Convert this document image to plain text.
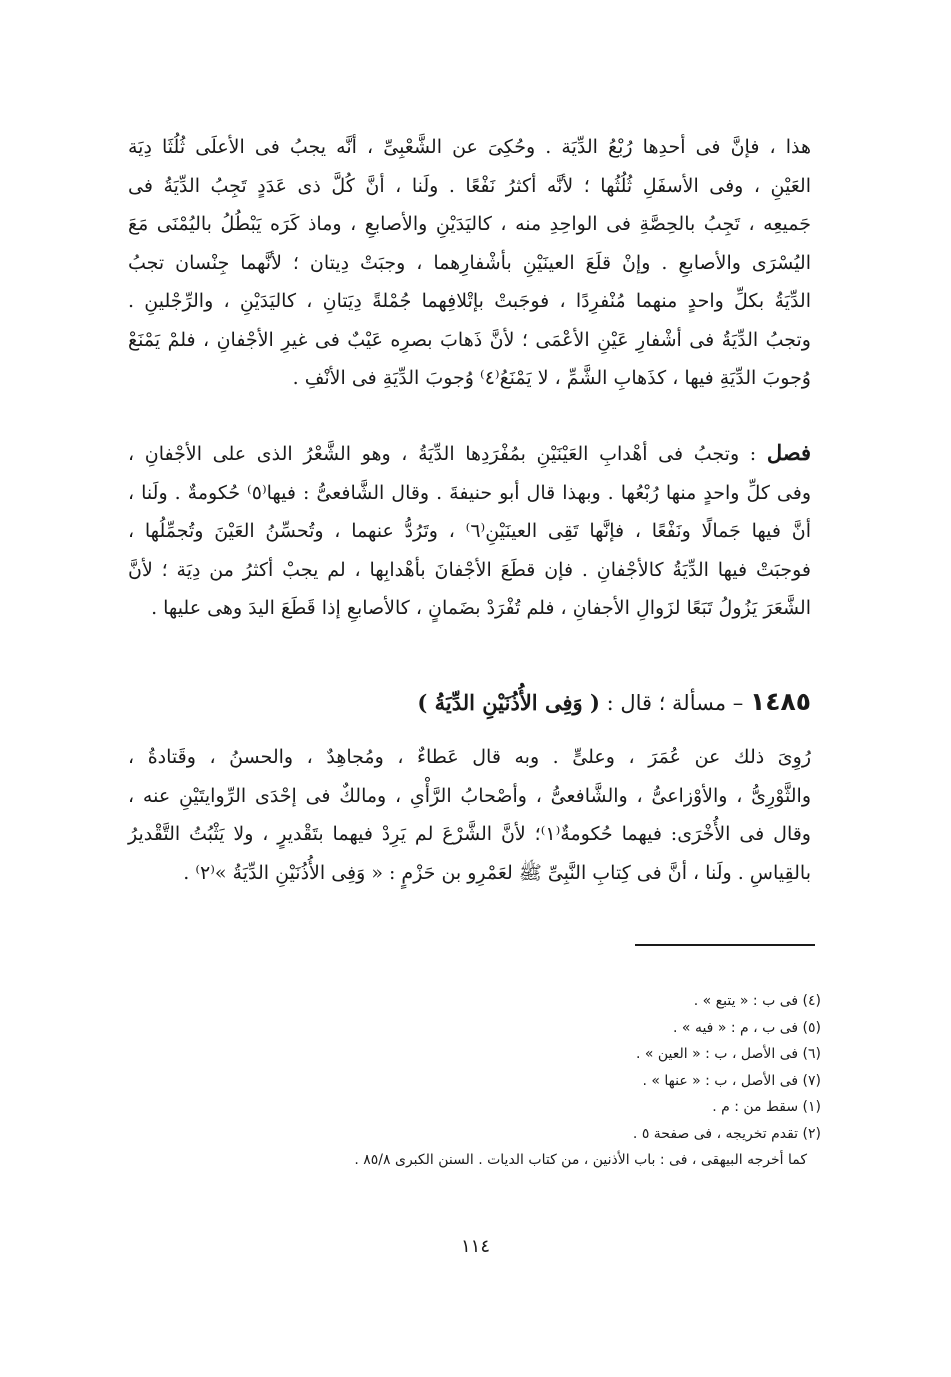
هذا ، فإنَّ فى أحدِها رُبْعُ الدِّيَة . وحُكِىَ عن الشَّعْبِىِّ ، أنَّه يجبُ فى الأعلَى ثُلُثَا دِيَة
العَيْنِ ، وفى الأسفَلِ ثُلُثُها ؛ لأنَّه أكثرُ نَفْعًا . ولَنا ، أنَّ كُلَّ ذى عَدَدٍ تَجِبُ الدِّيَةُ فى
جَميعِه ، تَجِبُ بالحِصَّةِ فى الواحِدِ منه ، كاليَدَيْنِ والأصابعِ ، وماذ كَرَه يَبْطُلُ باليُمْنَى مَعَ
اليُسْرَى والأصابعِ . وإنْ قلَعَ العينَيْنِ بأشْفارِهما ، وجبَتْ دِيتان ؛ لأنَّهما جِنْسان تجبُ
الدِّيَةُ بكلِّ واحدٍ منهما مُنْفرِدًا ، فوجَبتْ بإتْلافِهما جُمْلةً دِيَتانِ ، كاليَدَيْنِ ، والرِّجْلينِ .
وتجبُ الدِّيَةُ فى أشْفارِ عَيْنِ الأعْمَى ؛ لأنَّ ذَهابَ بصرِه عَيْبٌ فى غيرِ الأجْفانِ ، فلمْ يَمْنَعْ
وُجوبَ الدِّيَةِ فيها ، كذَهابِ الشَّمِّ ، لا يَمْنَعُ⁽٤⁾ وُجوبَ الدِّيَةِ فى الأنْفِ .
فصل : وتجبُ فى أهْدابِ العَيْنَيْنِ بمُفْرَدِها الدِّيَةُ ، وهو الشَّعْرُ الذى على الأجْفانِ ،
وفى كلِّ واحدٍ منها رُبْعُها . وبهذا قال أبو حنيفةَ . وقال الشَّافعىُّ : فيها⁽٥⁾ حُكومةٌ . ولَنا ،
أنَّ فيها جَمالًا ونَفْعًا ، فإنَّها تَقِى العينَيْنِ⁽٦⁾ ، وتَرُدُّ عنهما ، وتُحسِّنُ العَيْنَ وتُجمِّلُها ،
فوجبَتْ فيها الدِّيَةُ كالأجْفانِ . فإن قطَعَ الأجْفانَ بأهْدابِها ، لم يجبْ أكثرُ من دِيَة ؛ لأنَّ
الشَّعَرَ يَزُولُ تَبَعًا لزَوالِ الأجفانِ ، فلم تُفْرَدْ بضَمانٍ ، كالأصابعِ إذا قَطَعَ اليدَ وهى عليها .
١٤٨٥ – مسألة ؛ قال : ( وَفِى الأُذُنَيْنِ الدِّيَةُ )
رُوِىَ ذلك عن عُمَرَ ، وعلىٍّ . وبه قال عَطاءٌ ، ومُجاهِدٌ ، والحسنُ ، وقَتادةُ ،
والثَّوْرِىُّ ، والأوْزاعىُّ ، والشَّافعىُّ ، وأصْحابُ الرَّأْىِ ، ومالكٌ فى إحْدَى الرِّوايتَيْنِ عنه ،
وقال فى الأُخْرَى: فيهما حُكومةٌ⁽١⁾؛ لأنَّ الشَّرْعَ لم يَرِدْ فيهما بتَقْديرٍ ، ولا يَثْبُتُ التَّقْديرُ
بالقِياسِ . ولَنا ، أنَّ فى كِتابِ النَّبِىِّ ﷺ لعَمْرِو بن حَزْمٍ : « وَفِى الأُذُنَيْنِ الدِّيَةُ »⁽٢⁾ .
(٤) فى ب : « يتبع » .
(٥) فى ب ، م : « فيه » .
(٦) فى الأصل ، ب : « العين » .
(٧) فى الأصل ، ب : « عنها » .
(١) سقط من : م .
(٢) تقدم تخريجه ، فى صفحة ٥ .
كما أخرجه البيهقى ، فى : باب الأذنين ، من كتاب الديات . السنن الكبرى ٨٥/٨ .
١١٤
